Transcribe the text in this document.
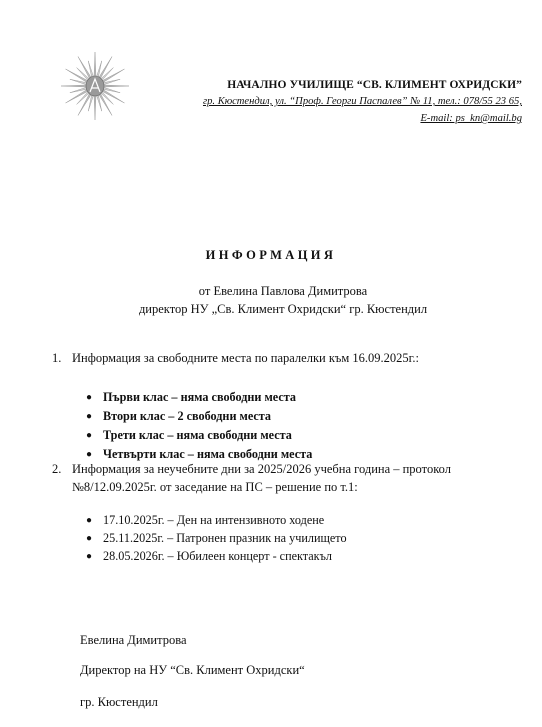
НАЧАЛНО УЧИЛИЩЕ “СВ. КЛИМЕНТ ОХРИДСКИ”
гр. Кюстендил, ул. “Проф. Георги Паспалев” № 11, тел.: 078/55 23 65,
E-mail: ps_kn@mail.bg
ИНФОРМАЦИЯ
от Евелина Павлова Димитрова
директор НУ „Св. Климент Охридски“ гр. Кюстендил
1. Информация за свободните места по паралелки към 16.09.2025г.:
● Първи клас – няма свободни места
● Втори клас – 2 свободни места
● Трети клас – няма свободни места
● Четвърти клас – няма свободни места
2. Информация за неучебните дни за 2025/2026 учебна година – протокол
№8/12.09.2025г. от заседание на ПС – решение по т.1:
● 17.10.2025г. – Ден на интензивното ходене
● 25.11.2025г. – Патронен празник на училището
● 28.05.2026г. – Юбилеен концерт - спектакъл
Евелина Димитрова
Директор на НУ “Св. Климент Охридски“
гр. Кюстендил
